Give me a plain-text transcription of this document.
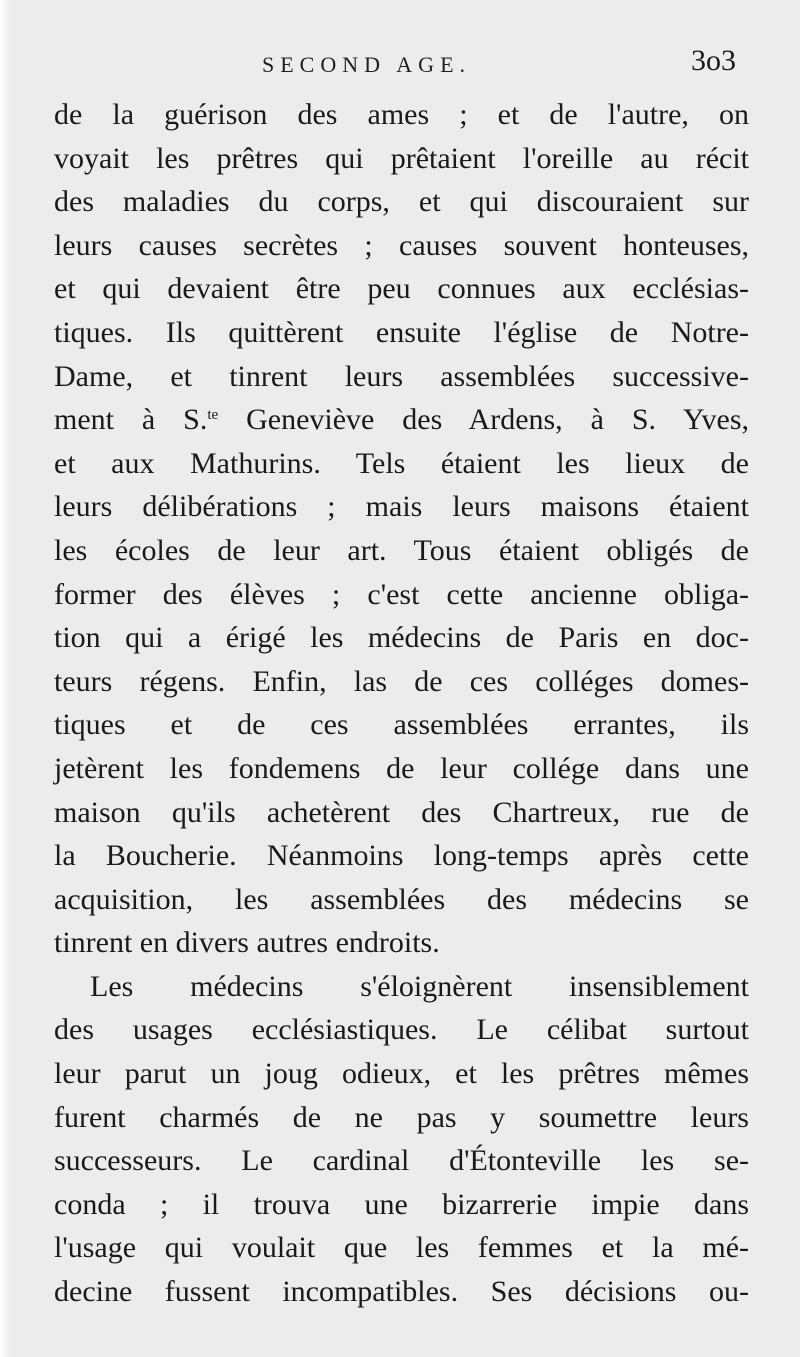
SECOND AGE.	3o3
de la guérison des ames ; et de l'autre, on
voyait les prêtres qui prêtaient l'oreille au récit
des maladies du corps, et qui discouraient sur
leurs causes secrètes ; causes souvent honteuses,
et qui devaient être peu connues aux ecclésias-
tiques. Ils quittèrent ensuite l'église de Notre-
Dame, et tinrent leurs assemblées successive-
ment à S.$^{te}$ Geneviève des Ardens, à S. Yves,
et aux Mathurins. Tels étaient les lieux de
leurs délibérations ; mais leurs maisons étaient
les écoles de leur art. Tous étaient obligés de
former des élèves ; c'est cette ancienne obliga-
tion qui a érigé les médecins de Paris en doc-
teurs régens. Enfin, las de ces colléges domes-
tiques et de ces assemblées errantes, ils
jetèrent les fondemens de leur collége dans une
maison qu'ils achetèrent des Chartreux, rue de
la Boucherie. Néanmoins long-temps après cette
acquisition, les assemblées des médecins se
tinrent en divers autres endroits.
Les médecins s'éloignèrent insensiblement
des usages ecclésiastiques. Le célibat surtout
leur parut un joug odieux, et les prêtres mêmes
furent charmés de ne pas y soumettre leurs
successeurs. Le cardinal d'Étonteville les se-
conda ; il trouva une bizarrerie impie dans
l'usage qui voulait que les femmes et la mé-
decine fussent incompatibles. Ses décisions ou-
